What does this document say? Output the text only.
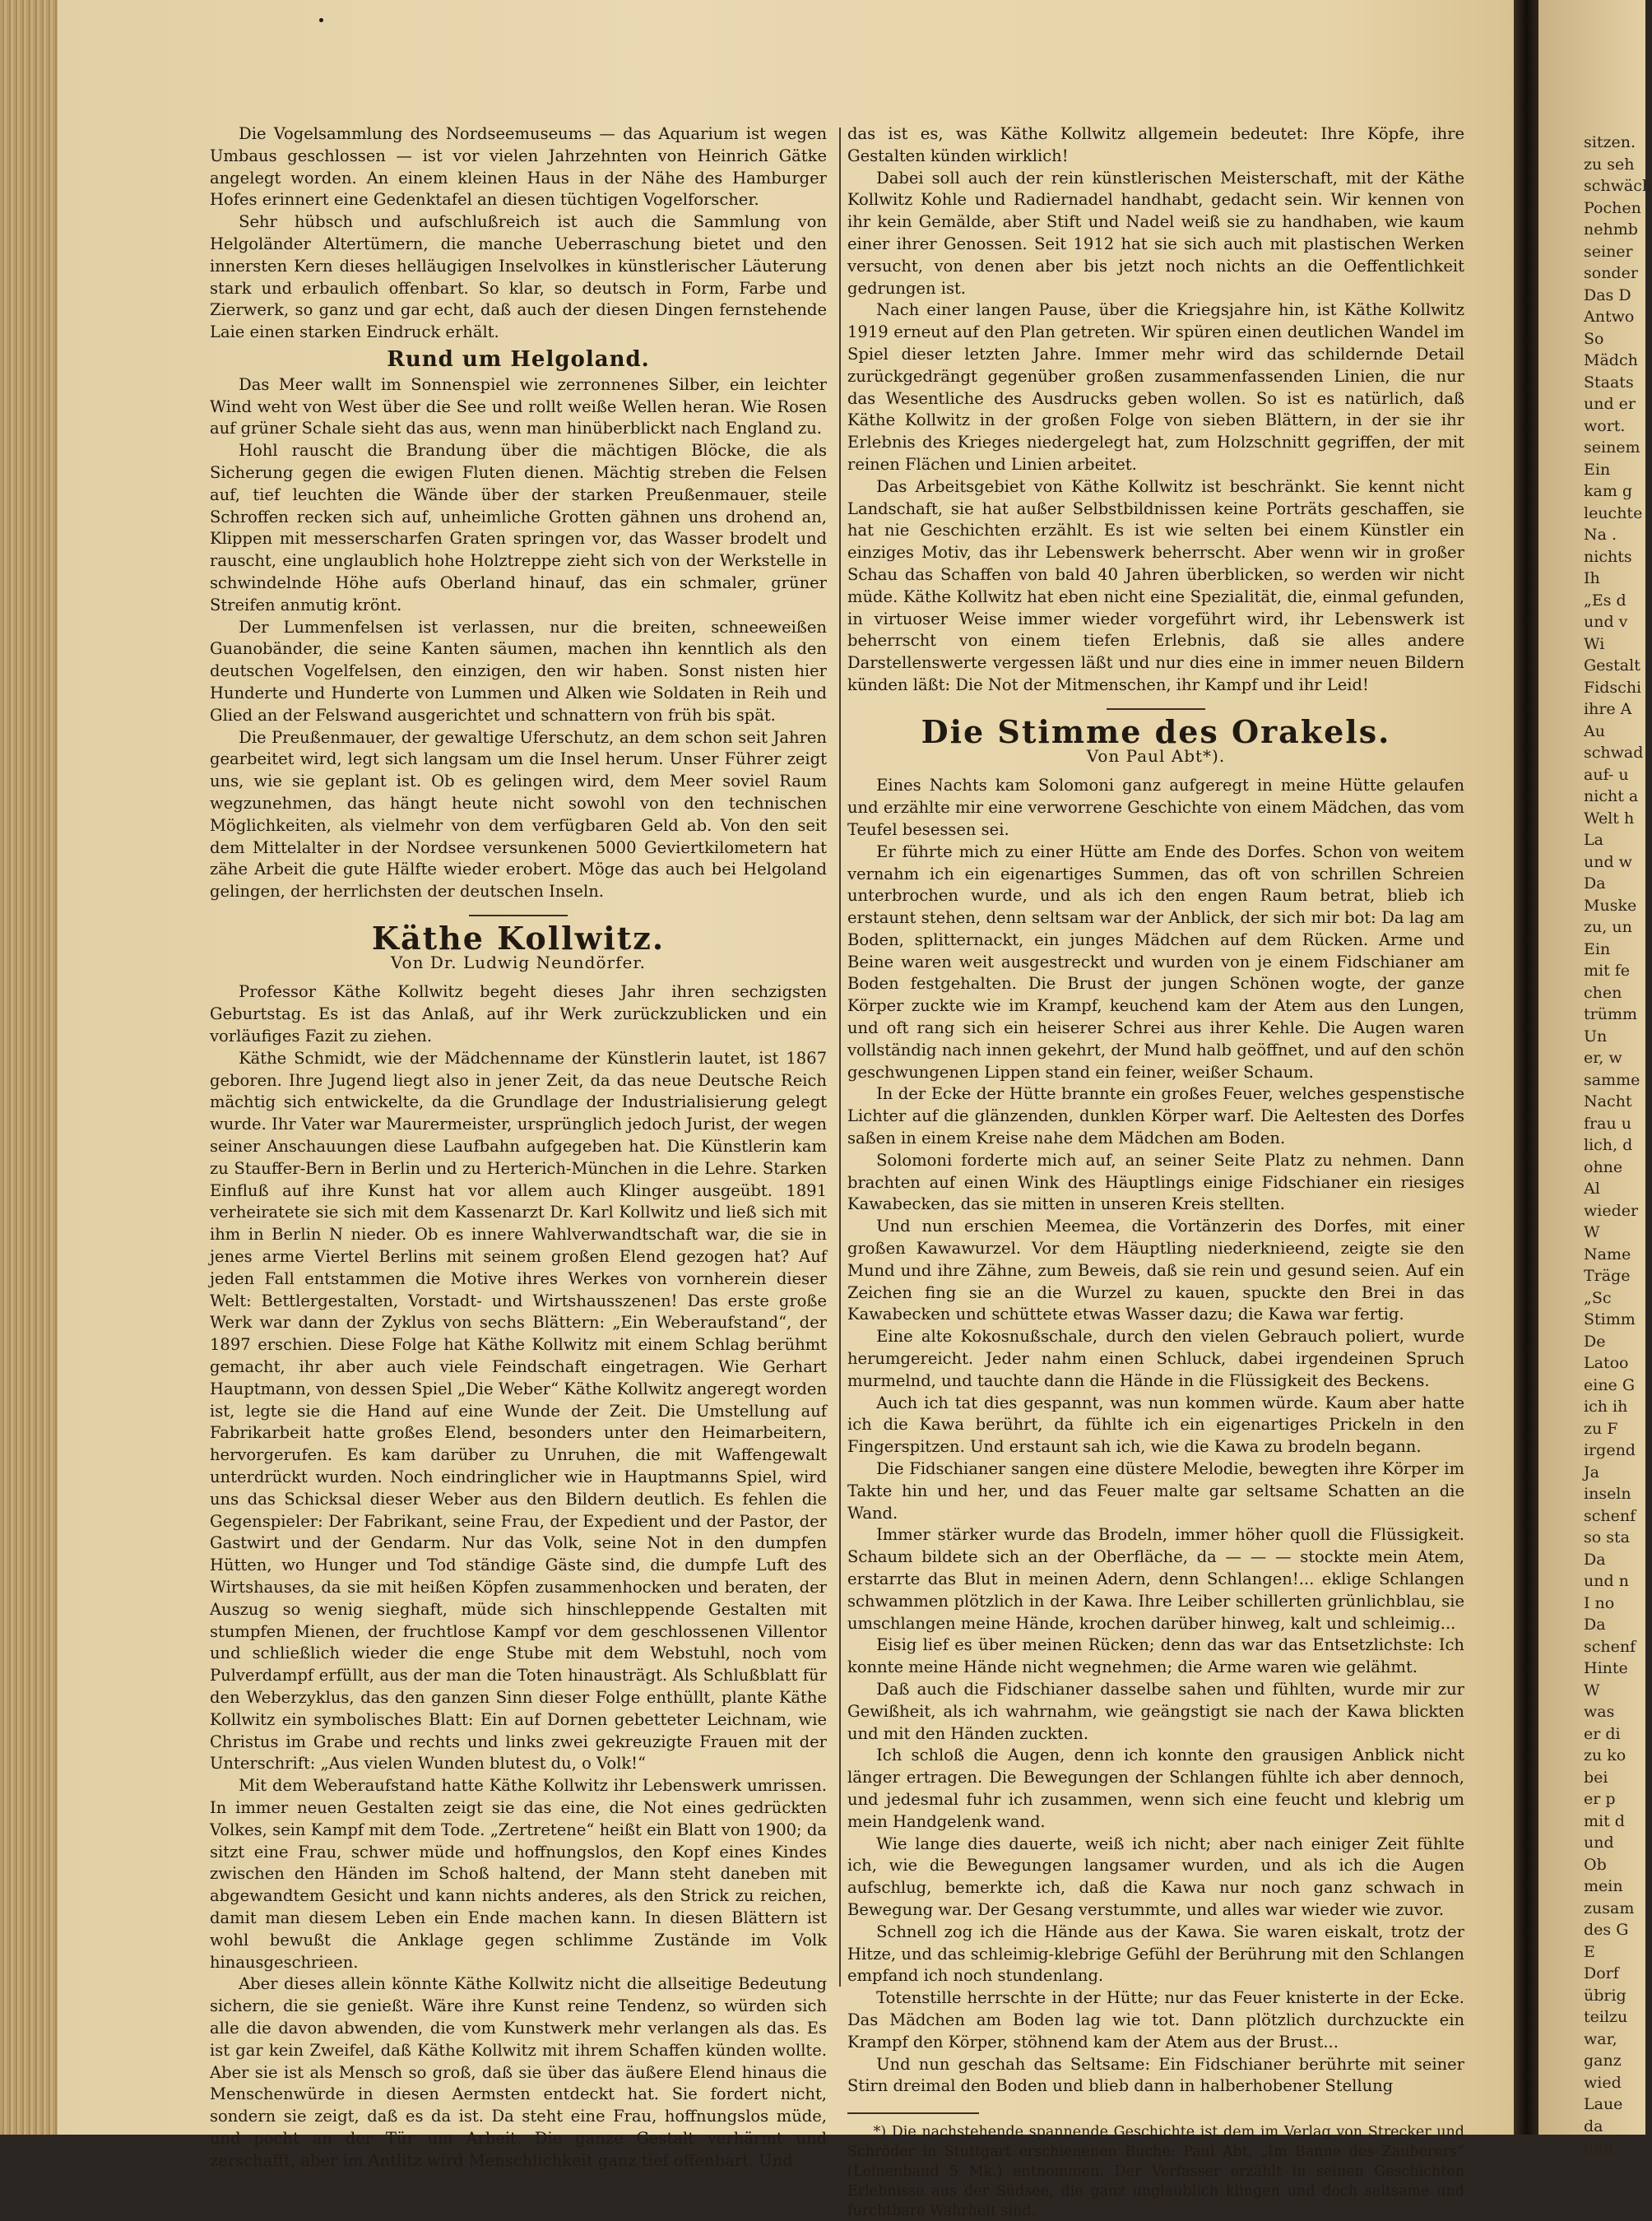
Die Vogelsammlung des Nordseemuseums — das Aquarium ist wegen Umbaus geschlossen — ist vor vielen Jahrzehnten von Heinrich Gätke angelegt worden. An einem kleinen Haus in der Nähe des Hamburger Hofes erinnert eine Gedenktafel an diesen tüchtigen Vogelforscher.

Sehr hübsch und aufschlußreich ist auch die Sammlung von Helgoländer Altertümern, die manche Ueberraschung bietet und den innersten Kern dieses helläugigen Inselvolkes in künstlerischer Läuterung stark und erbaulich offenbart. So klar, so deutsch in Form, Farbe und Zierwerk, so ganz und gar echt, daß auch der diesen Dingen fernstehende Laie einen starken Eindruck erhält.

Rund um Helgoland.

Das Meer wallt im Sonnenspiel wie zerronnenes Silber, ein leichter Wind weht von West über die See und rollt weiße Wellen heran. Wie Rosen auf grüner Schale sieht das aus, wenn man hinüberblickt nach England zu.

Hohl rauscht die Brandung über die mächtigen Blöcke, die als Sicherung gegen die ewigen Fluten dienen. Mächtig streben die Felsen auf, tief leuchten die Wände über der starken Preußenmauer, steile Schroffen recken sich auf, unheimliche Grotten gähnen uns drohend an, Klippen mit messerscharfen Graten springen vor, das Wasser brodelt und rauscht, eine unglaublich hohe Holztreppe zieht sich von der Werkstelle in schwindelnde Höhe aufs Oberland hinauf, das ein schmaler, grüner Streifen anmutig krönt.

Der Lummenfelsen ist verlassen, nur die breiten, schneeweißen Guanobänder, die seine Kanten säumen, machen ihn kenntlich als den deutschen Vogelfelsen, den einzigen, den wir haben. Sonst nisten hier Hunderte und Hunderte von Lummen und Alken wie Soldaten in Reih und Glied an der Felswand ausgerichtet und schnattern von früh bis spät.

Die Preußenmauer, der gewaltige Uferschutz, an dem schon seit Jahren gearbeitet wird, legt sich langsam um die Insel herum. Unser Führer zeigt uns, wie sie geplant ist. Ob es gelingen wird, dem Meer soviel Raum wegzunehmen, das hängt heute nicht sowohl von den technischen Möglichkeiten, als vielmehr von dem verfügbaren Geld ab. Von den seit dem Mittelalter in der Nordsee versunkenen 5000 Geviertkilometern hat zähe Arbeit die gute Hälfte wieder erobert. Möge das auch bei Helgoland gelingen, der herrlichsten der deutschen Inseln.

Käthe Kollwitz.
Von Dr. Ludwig Neundörfer.

Professor Käthe Kollwitz begeht dieses Jahr ihren sechzigsten Geburtstag. Es ist das Anlaß, auf ihr Werk zurückzublicken und ein vorläufiges Fazit zu ziehen.

Käthe Schmidt, wie der Mädchenname der Künstlerin lautet, ist 1867 geboren. Ihre Jugend liegt also in jener Zeit, da das neue Deutsche Reich mächtig sich entwickelte, da die Grundlage der Industrialisierung gelegt wurde. Ihr Vater war Maurermeister, ursprünglich jedoch Jurist, der wegen seiner Anschauungen diese Laufbahn aufgegeben hat. Die Künstlerin kam zu Stauffer-Bern in Berlin und zu Herterich-München in die Lehre. Starken Einfluß auf ihre Kunst hat vor allem auch Klinger ausgeübt. 1891 verheiratete sie sich mit dem Kassenarzt Dr. Karl Kollwitz und ließ sich mit ihm in Berlin N nieder. Ob es innere Wahlverwandtschaft war, die sie in jenes arme Viertel Berlins mit seinem großen Elend gezogen hat? Auf jeden Fall entstammen die Motive ihres Werkes von vornherein dieser Welt: Bettlergestalten, Vorstadt- und Wirtshausszenen! Das erste große Werk war dann der Zyklus von sechs Blättern: „Ein Weberaufstand“, der 1897 erschien. Diese Folge hat Käthe Kollwitz mit einem Schlag berühmt gemacht, ihr aber auch viele Feindschaft eingetragen. Wie Gerhart Hauptmann, von dessen Spiel „Die Weber“ Käthe Kollwitz angeregt worden ist, legte sie die Hand auf eine Wunde der Zeit. Die Umstellung auf Fabrikarbeit hatte großes Elend, besonders unter den Heimarbeitern, hervorgerufen. Es kam darüber zu Unruhen, die mit Waffengewalt unterdrückt wurden. Noch eindringlicher wie in Hauptmanns Spiel, wird uns das Schicksal dieser Weber aus den Bildern deutlich. Es fehlen die Gegenspieler: Der Fabrikant, seine Frau, der Expedient und der Pastor, der Gastwirt und der Gendarm. Nur das Volk, seine Not in den dumpfen Hütten, wo Hunger und Tod ständige Gäste sind, die dumpfe Luft des Wirtshauses, da sie mit heißen Köpfen zusammenhocken und beraten, der Auszug so wenig sieghaft, müde sich hinschleppende Gestalten mit stumpfen Mienen, der fruchtlose Kampf vor dem geschlossenen Villentor und schließlich wieder die enge Stube mit dem Webstuhl, noch vom Pulverdampf erfüllt, aus der man die Toten hinausträgt. Als Schlußblatt für den Weberzyklus, das den ganzen Sinn dieser Folge enthüllt, plante Käthe Kollwitz ein symbolisches Blatt: Ein auf Dornen gebetteter Leichnam, wie Christus im Grabe und rechts und links zwei gekreuzigte Frauen mit der Unterschrift: „Aus vielen Wunden blutest du, o Volk!“

Mit dem Weberaufstand hatte Käthe Kollwitz ihr Lebenswerk umrissen. In immer neuen Gestalten zeigt sie das eine, die Not eines gedrückten Volkes, sein Kampf mit dem Tode. „Zertretene“ heißt ein Blatt von 1900; da sitzt eine Frau, schwer müde und hoffnungslos, den Kopf eines Kindes zwischen den Händen im Schoß haltend, der Mann steht daneben mit abgewandtem Gesicht und kann nichts anderes, als den Strick zu reichen, damit man diesem Leben ein Ende machen kann. In diesen Blättern ist wohl bewußt die Anklage gegen schlimme Zustände im Volk hinausgeschrieen.

Aber dieses allein könnte Käthe Kollwitz nicht die allseitige Bedeutung sichern, die sie genießt. Wäre ihre Kunst reine Tendenz, so würden sich alle die davon abwenden, die vom Kunstwerk mehr verlangen als das. Es ist gar kein Zweifel, daß Käthe Kollwitz mit ihrem Schaffen künden wollte. Aber sie ist als Mensch so groß, daß sie über das äußere Elend hinaus die Menschenwürde in diesen Aermsten entdeckt hat. Sie fordert nicht, sondern sie zeigt, daß es da ist. Da steht eine Frau, hoffnungslos müde, und pocht an der Tür um Arbeit. Die ganze Gestalt verhärmt und zerschafft, aber im Antlitz wird Menschlichkeit ganz tief offenbart. Und

das ist es, was Käthe Kollwitz allgemein bedeutet: Ihre Köpfe, ihre Gestalten künden wirklich!

Dabei soll auch der rein künstlerischen Meisterschaft, mit der Käthe Kollwitz Kohle und Radiernadel handhabt, gedacht sein. Wir kennen von ihr kein Gemälde, aber Stift und Nadel weiß sie zu handhaben, wie kaum einer ihrer Genossen. Seit 1912 hat sie sich auch mit plastischen Werken versucht, von denen aber bis jetzt noch nichts an die Oeffentlichkeit gedrungen ist.

Nach einer langen Pause, über die Kriegsjahre hin, ist Käthe Kollwitz 1919 erneut auf den Plan getreten. Wir spüren einen deutlichen Wandel im Spiel dieser letzten Jahre. Immer mehr wird das schildernde Detail zurückgedrängt gegenüber großen zusammenfassenden Linien, die nur das Wesentliche des Ausdrucks geben wollen. So ist es natürlich, daß Käthe Kollwitz in der großen Folge von sieben Blättern, in der sie ihr Erlebnis des Krieges niedergelegt hat, zum Holzschnitt gegriffen, der mit reinen Flächen und Linien arbeitet.

Das Arbeitsgebiet von Käthe Kollwitz ist beschränkt. Sie kennt nicht Landschaft, sie hat außer Selbstbildnissen keine Porträts geschaffen, sie hat nie Geschichten erzählt. Es ist wie selten bei einem Künstler ein einziges Motiv, das ihr Lebenswerk beherrscht. Aber wenn wir in großer Schau das Schaffen von bald 40 Jahren überblicken, so werden wir nicht müde. Käthe Kollwitz hat eben nicht eine Spezialität, die, einmal gefunden, in virtuoser Weise immer wieder vorgeführt wird, ihr Lebenswerk ist beherrscht von einem tiefen Erlebnis, daß sie alles andere Darstellenswerte vergessen läßt und nur dies eine in immer neuen Bildern künden läßt: Die Not der Mitmenschen, ihr Kampf und ihr Leid!

Die Stimme des Orakels.
Von Paul Abt*).

Eines Nachts kam Solomoni ganz aufgeregt in meine Hütte gelaufen und erzählte mir eine verworrene Geschichte von einem Mädchen, das vom Teufel besessen sei.

Er führte mich zu einer Hütte am Ende des Dorfes. Schon von weitem vernahm ich ein eigenartiges Summen, das oft von schrillen Schreien unterbrochen wurde, und als ich den engen Raum betrat, blieb ich erstaunt stehen, denn seltsam war der Anblick, der sich mir bot: Da lag am Boden, splitternackt, ein junges Mädchen auf dem Rücken. Arme und Beine waren weit ausgestreckt und wurden von je einem Fidschianer am Boden festgehalten. Die Brust der jungen Schönen wogte, der ganze Körper zuckte wie im Krampf, keuchend kam der Atem aus den Lungen, und oft rang sich ein heiserer Schrei aus ihrer Kehle. Die Augen waren vollständig nach innen gekehrt, der Mund halb geöffnet, und auf den schön geschwungenen Lippen stand ein feiner, weißer Schaum.

In der Ecke der Hütte brannte ein großes Feuer, welches gespenstische Lichter auf die glänzenden, dunklen Körper warf. Die Aeltesten des Dorfes saßen in einem Kreise nahe dem Mädchen am Boden.

Solomoni forderte mich auf, an seiner Seite Platz zu nehmen. Dann brachten auf einen Wink des Häuptlings einige Fidschianer ein riesiges Kawabecken, das sie mitten in unseren Kreis stellten.

Und nun erschien Meemea, die Vortänzerin des Dorfes, mit einer großen Kawawurzel. Vor dem Häuptling niederknieend, zeigte sie den Mund und ihre Zähne, zum Beweis, daß sie rein und gesund seien. Auf ein Zeichen fing sie an die Wurzel zu kauen, spuckte den Brei in das Kawabecken und schüttete etwas Wasser dazu; die Kawa war fertig.

Eine alte Kokosnußschale, durch den vielen Gebrauch poliert, wurde herumgereicht. Jeder nahm einen Schluck, dabei irgendeinen Spruch murmelnd, und tauchte dann die Hände in die Flüssigkeit des Beckens.

Auch ich tat dies gespannt, was nun kommen würde. Kaum aber hatte ich die Kawa berührt, da fühlte ich ein eigenartiges Prickeln in den Fingerspitzen. Und erstaunt sah ich, wie die Kawa zu brodeln begann.

Die Fidschianer sangen eine düstere Melodie, bewegten ihre Körper im Takte hin und her, und das Feuer malte gar seltsame Schatten an die Wand.

Immer stärker wurde das Brodeln, immer höher quoll die Flüssigkeit. Schaum bildete sich an der Oberfläche, da — — — stockte mein Atem, erstarrte das Blut in meinen Adern, denn Schlangen!... eklige Schlangen schwammen plötzlich in der Kawa. Ihre Leiber schillerten grünlichblau, sie umschlangen meine Hände, krochen darüber hinweg, kalt und schleimig...

Eisig lief es über meinen Rücken; denn das war das Entsetzlichste: Ich konnte meine Hände nicht wegnehmen; die Arme waren wie gelähmt.

Daß auch die Fidschianer dasselbe sahen und fühlten, wurde mir zur Gewißheit, als ich wahrnahm, wie geängstigt sie nach der Kawa blickten und mit den Händen zuckten.

Ich schloß die Augen, denn ich konnte den grausigen Anblick nicht länger ertragen. Die Bewegungen der Schlangen fühlte ich aber dennoch, und jedesmal fuhr ich zusammen, wenn sich eine feucht und klebrig um mein Handgelenk wand.

Wie lange dies dauerte, weiß ich nicht; aber nach einiger Zeit fühlte ich, wie die Bewegungen langsamer wurden, und als ich die Augen aufschlug, bemerkte ich, daß die Kawa nur noch ganz schwach in Bewegung war. Der Gesang verstummte, und alles war wieder wie zuvor.

Schnell zog ich die Hände aus der Kawa. Sie waren eiskalt, trotz der Hitze, und das schleimig-klebrige Gefühl der Berührung mit den Schlangen empfand ich noch stundenlang.

Totenstille herrschte in der Hütte; nur das Feuer knisterte in der Ecke. Das Mädchen am Boden lag wie tot. Dann plötzlich durchzuckte ein Krampf den Körper, stöhnend kam der Atem aus der Brust...

Und nun geschah das Seltsame: Ein Fidschianer berührte mit seiner Stirn dreimal den Boden und blieb dann in halberhobener Stellung

*) Die nachstehende spannende Geschichte ist dem im Verlag von Strecker und Schröder in Stuttgart erschienenen Buche: Paul Abt, „Im Banne des Zauberers“ (Leinenband 5 Mk.) entnommen. Der Verfasser erzählt in seinen Geschichten Erlebnisse aus der Südsee, die ganz unglaublich klingen und doch seltsame und furchtbare Wahrheit sind.

sitzen.
zu seh
schwäch
Pochen
nehmb
seiner
sonder
Das D
Antwo
So
Mädch
Staats
und er
wort.
seinem
Ein
kam g
leuchte
Na .
nichts
Ih
„Es d
und v
Wi
Gestalt
Fidschi
ihre A
Au
schwad
auf- u
nicht a
Welt h
La
und w
Da
Muske
zu, un
Ein
mit fe
chen
trümm
Un
er, w
samme
Nacht
frau u
lich, d
ohne
Al
wieder
W
Name
Träge
„Sc
Stimm
De
Latoo
eine G
ich ih
zu F
irgend
Ja
inseln
schenf
so sta
Da
und n
I no
Da
schenf
Hinte
W
was
er di
zu ko
bei
er p
mit d
und
Ob
mein
zusam
des G
E
Dorf
übrig
teilzu
war,
ganz
wied
Laue
da
und
